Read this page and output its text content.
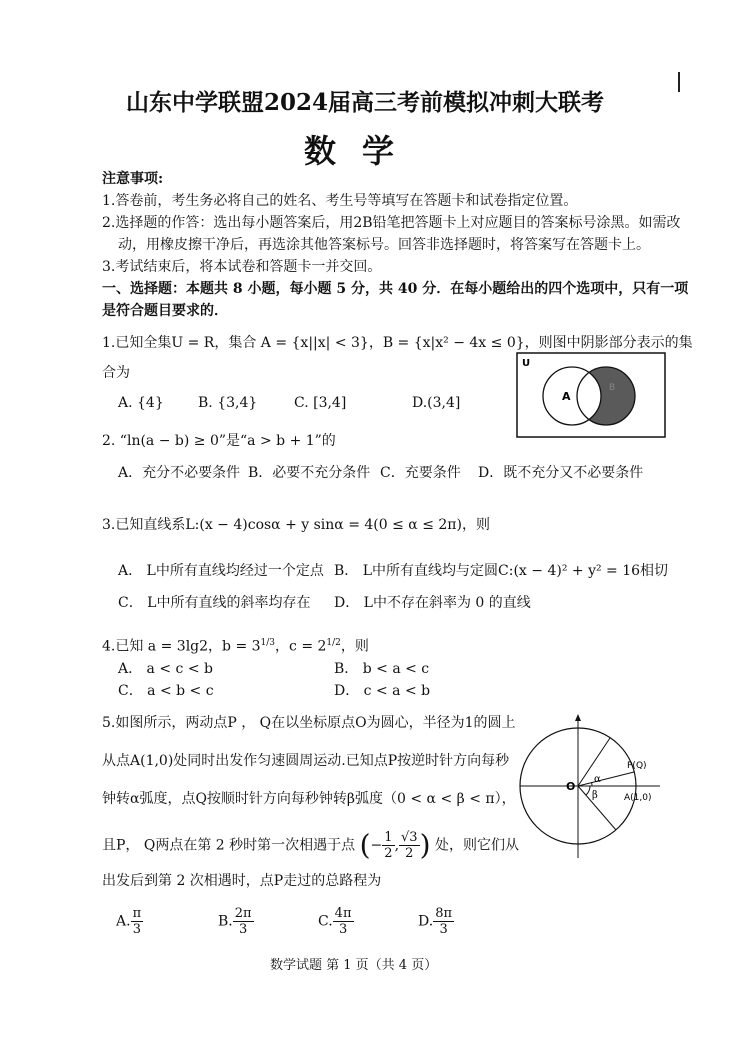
山东中学联盟2024届高三考前模拟冲刺大联考
数学
注意事项:
1.答卷前，考生务必将自己的姓名、考生号等填写在答题卡和试卷指定位置。
2.选择题的作答：选出每小题答案后，用2B铅笔把答题卡上对应题目的答案标号涂黑。如需改
动，用橡皮擦干净后，再选涂其他答案标号。回答非选择题时，将答案写在答题卡上。
3.考试结束后，将本试卷和答题卡一并交回。
一、选择题：本题共 8 小题，每小题 5 分，共 40 分．在每小题给出的四个选项中，只有一项
是符合题目要求的．
1.已知全集U = R，集合 A = {x||x| < 3}，B = {x|x² − 4x ≤ 0}，则图中阴影部分表示的集
合为
A. {4} B. {3,4}	C. [3,4]	D.(3,4]
U
A
B
2. “ln(a − b) ≥ 0”是“a > b + 1”的
A．充分不必要条件 B．必要不充分条件 C．充要条件 D．既不充分又不必要条件
3.已知直线系L:(x − 4)cosα + y sinα = 4(0 ≤ α ≤ 2π)，则
A． L中所有直线均经过一个定点 B． L中所有直线均与定圆C:(x − 4)² + y² = 16相切
C． L中所有直线的斜率均存在 D． L中不存在斜率为 0 的直线
4.已知 a = 3lg2，$b = 3^{1/3}$，$c = 2^{1/2}$，则
A． a < c < b	B． b < a < c
C． a < b < c	D． c < a < b
5.如图所示，两动点P ， Q在以坐标原点O为圆心，半径为1的圆上
从点A(1,0)处同时出发作匀速圆周运动.已知点P按逆时针方向每秒
钟转α弧度，点Q按顺时针方向每秒钟转β弧度（0 < α < β < π），
且P， Q两点在第 2 秒时第一次相遇于点 (− $\frac{1}{2}$ , $\frac{√3}{2}$ ) 处，则它们从
出发后到第 2 次相遇时，点P走过的总路程为
A. $\frac{\pi}{3}$	B. $\frac{2\pi}{3}$	C. $\frac{4\pi}{3}$	D. $\frac{8\pi}{3}$
O
α
β
P(Q)
A(1,0)
数学试题 第 1 页（共 4 页）
